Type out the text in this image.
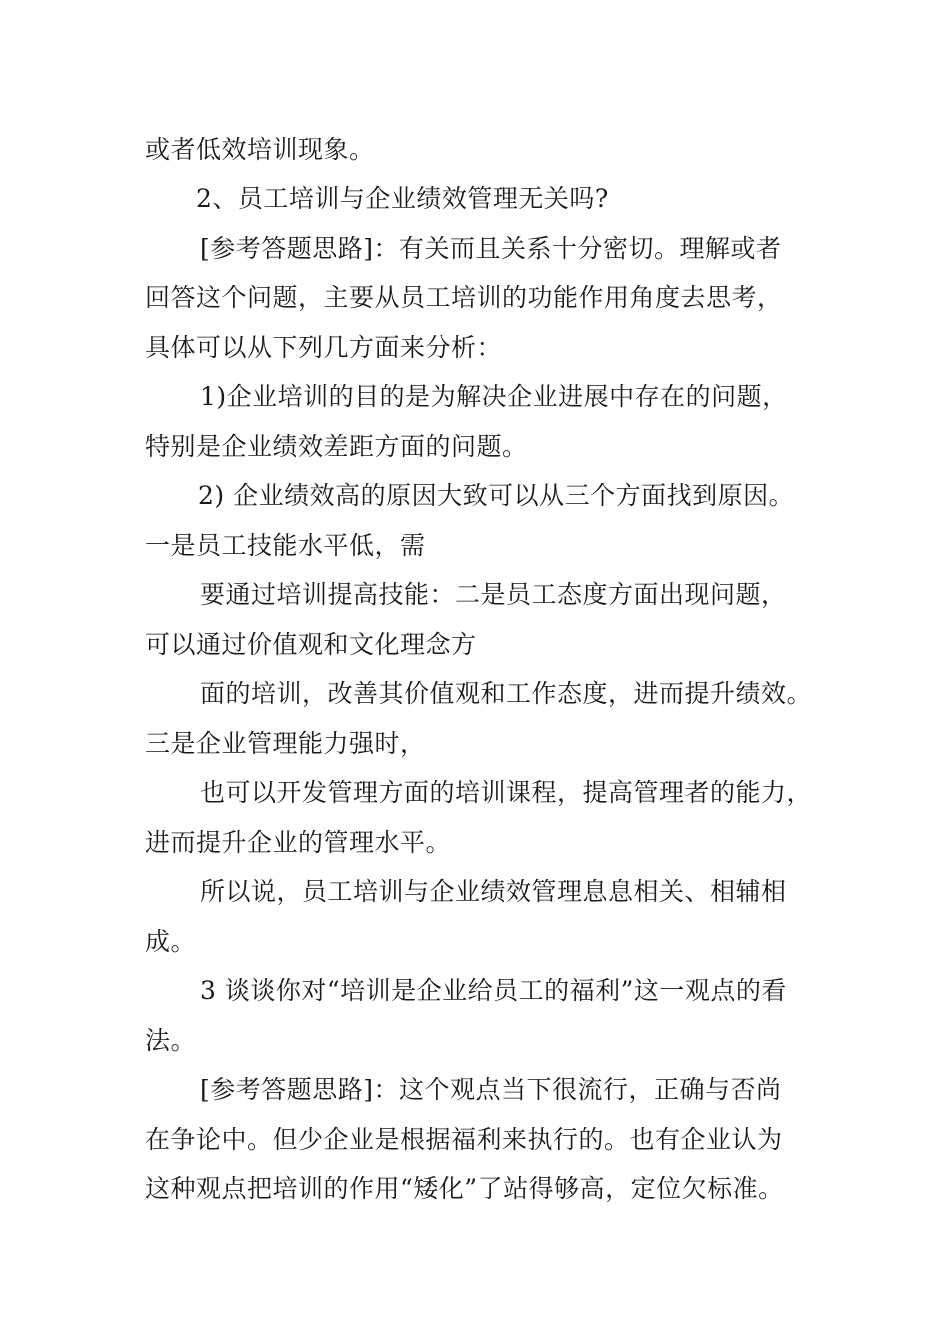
或者低效培训现象。
2、员工培训与企业绩效管理无关吗?
[参考答题思路]：有关而且关系十分密切。理解或者
回答这个问题，主要从员工培训的功能作用角度去思考，
具体可以从下列几方面来分析：
1)企业培训的目的是为解决企业进展中存在的问题，
特别是企业绩效差距方面的问题。
2) 企业绩效高的原因大致可以从三个方面找到原因。
一是员工技能水平低，需
要通过培训提高技能：二是员工态度方面出现问题，
可以通过价值观和文化理念方
面的培训，改善其价值观和工作态度，进而提升绩效。
三是企业管理能力强时，
也可以开发管理方面的培训课程，提高管理者的能力，
进而提升企业的管理水平。
所以说，员工培训与企业绩效管理息息相关、相辅相
成。
3 谈谈你对“培训是企业给员工的福利”这一观点的看
法。
[参考答题思路]：这个观点当下很流行，正确与否尚
在争论中。但少企业是根据福利来执行的。也有企业认为
这种观点把培训的作用“矮化”了站得够高，定位欠标准。
